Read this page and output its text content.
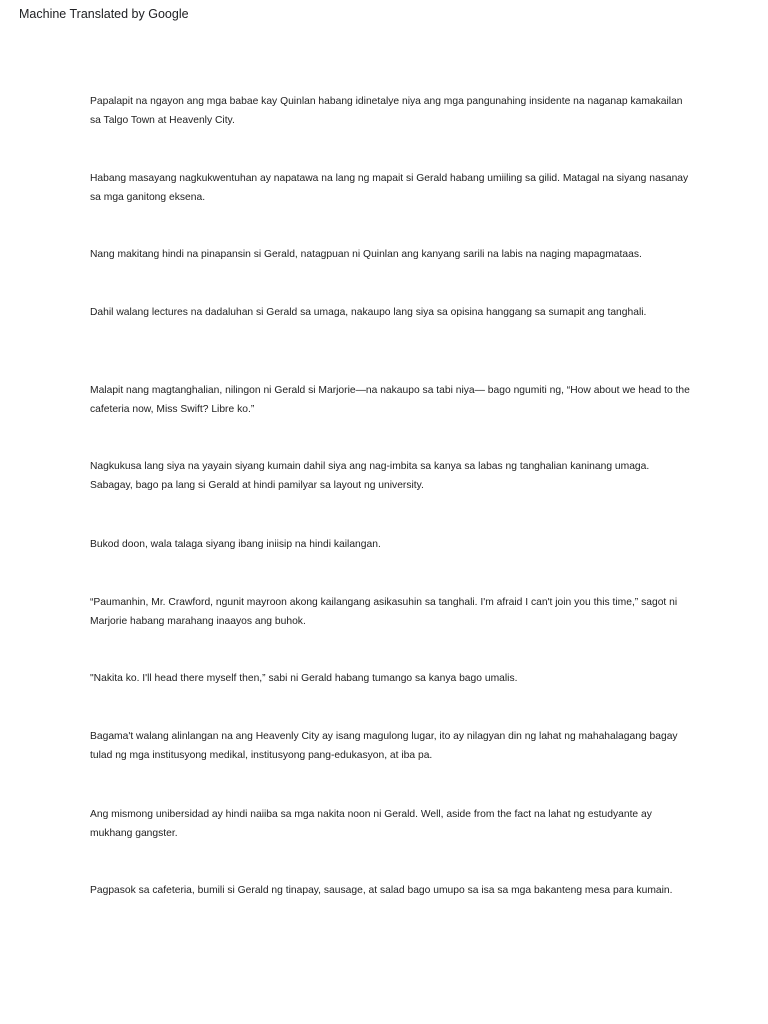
Machine Translated by Google

Papalapit na ngayon ang mga babae kay Quinlan habang idinetalye niya ang mga pangunahing insidente na naganap kamakailan sa Talgo Town at Heavenly City.

Habang masayang nagkukwentuhan ay napatawa na lang ng mapait si Gerald habang umiiling sa gilid. Matagal na siyang nasanay sa mga ganitong eksena.

Nang makitang hindi na pinapansin si Gerald, natagpuan ni Quinlan ang kanyang sarili na labis na naging mapagmataas.

Dahil walang lectures na dadaluhan si Gerald sa umaga, nakaupo lang siya sa opisina hanggang sa sumapit ang tanghali.

Malapit nang magtanghalian, nilingon ni Gerald si Marjorie—na nakaupo sa tabi niya— bago ngumiti ng, “How about we head to the cafeteria now, Miss Swift? Libre ko.”

Nagkukusa lang siya na yayain siyang kumain dahil siya ang nag-imbita sa kanya sa labas ng tanghalian kaninang umaga. Sabagay, bago pa lang si Gerald at hindi pamilyar sa layout ng university.

Bukod doon, wala talaga siyang ibang iniisip na hindi kailangan.

“Paumanhin, Mr. Crawford, ngunit mayroon akong kailangang asikasuhin sa tanghali. I'm afraid I can't join you this time,” sagot ni Marjorie habang marahang inaayos ang buhok.

"Nakita ko. I'll head there myself then,” sabi ni Gerald habang tumango sa kanya bago umalis.

Bagama't walang alinlangan na ang Heavenly City ay isang magulong lugar, ito ay nilagyan din ng lahat ng mahahalagang bagay tulad ng mga institusyong medikal, institusyong pang-edukasyon, at iba pa.

Ang mismong unibersidad ay hindi naiiba sa mga nakita noon ni Gerald. Well, aside from the fact na lahat ng estudyante ay mukhang gangster.

Pagpasok sa cafeteria, bumili si Gerald ng tinapay, sausage, at salad bago umupo sa isa sa mga bakanteng mesa para kumain.
